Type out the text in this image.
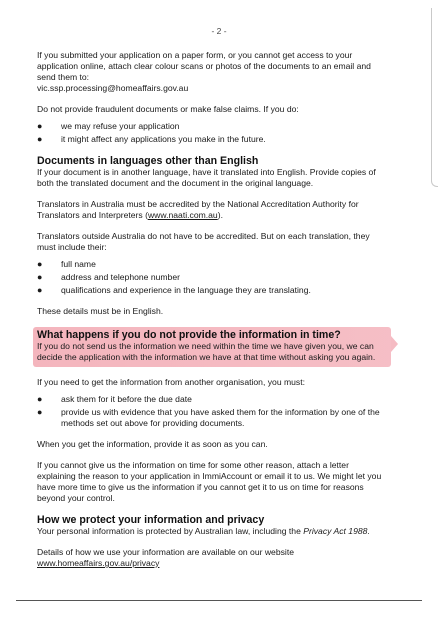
- 2 -

If you submitted your application on a paper form, or you cannot get access to your
application online, attach clear colour scans or photos of the documents to an email and
send them to:
vic.ssp.processing@homeaffairs.gov.au

Do not provide fraudulent documents or make false claims. If you do:

● we may refuse your application
● it might affect any applications you make in the future.
Documents in languages other than English

If your document is in another language, have it translated into English. Provide copies of both the translated document and the document in the original language.

Translators in Australia must be accredited by the National Accreditation Authority for Translators and Interpreters (www.naati.com.au).

Translators outside Australia do not have to be accredited. But on each translation, they must include their:

● full name
● address and telephone number
● qualifications and experience in the language they are translating.

These details must be in English.

What happens if you do not provide the information in time?
If you do not send us the information we need within the time we have given you, we can decide the application with the information we have at that time without asking you again.

If you need to get the information from another organisation, you must:

● ask them for it before the due date
● provide us with evidence that you have asked them for the information by one of the methods set out above for providing documents.

When you get the information, provide it as soon as you can.

If you cannot give us the information on time for some other reason, attach a letter explaining the reason to your application in ImmiAccount or email it to us. We might let you have more time to give us the information if you cannot get it to us on time for reasons beyond your control.

How we protect your information and privacy

Your personal information is protected by Australian law, including the Privacy Act 1988.

Details of how we use your information are available on our website
www.homeaffairs.gov.au/privacy
